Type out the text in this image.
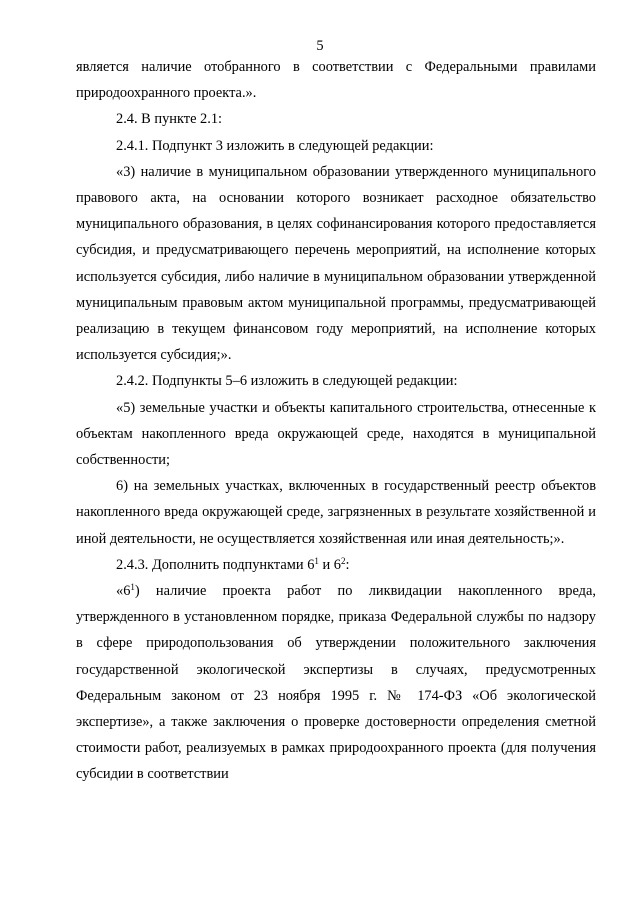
5

является наличие отобранного в соответствии с Федеральными правилами природоохранного проекта.».

2.4. В пункте 2.1:

2.4.1. Подпункт 3 изложить в следующей редакции:

«3) наличие в муниципальном образовании утвержденного муниципального правового акта, на основании которого возникает расходное обязательство муниципального образования, в целях софинансирования которого предоставляется субсидия, и предусматривающего перечень мероприятий, на исполнение которых используется субсидия, либо наличие в муниципальном образовании утвержденной муниципальным правовым актом муниципальной программы, предусматривающей реализацию в текущем финансовом году мероприятий, на исполнение которых используется субсидия;».

2.4.2. Подпункты 5–6 изложить в следующей редакции:

«5) земельные участки и объекты капитального строительства, отнесенные к объектам накопленного вреда окружающей среде, находятся в муниципальной собственности;

6) на земельных участках, включенных в государственный реестр объектов накопленного вреда окружающей среде, загрязненных в результате хозяйственной и иной деятельности, не осуществляется хозяйственная или иная деятельность;».

2.4.3. Дополнить подпунктами $6^1$ и $6^2$:

«$6^1$) наличие проекта работ по ликвидации накопленного вреда, утвержденного в установленном порядке, приказа Федеральной службы по надзору в сфере природопользования об утверждении положительного заключения государственной экологической экспертизы в случаях, предусмотренных Федеральным законом от 23 ноября 1995 г. № 174-ФЗ «Об экологической экспертизе», а также заключения о проверке достоверности определения сметной стоимости работ, реализуемых в рамках природоохранного проекта (для получения субсидии в соответствии
